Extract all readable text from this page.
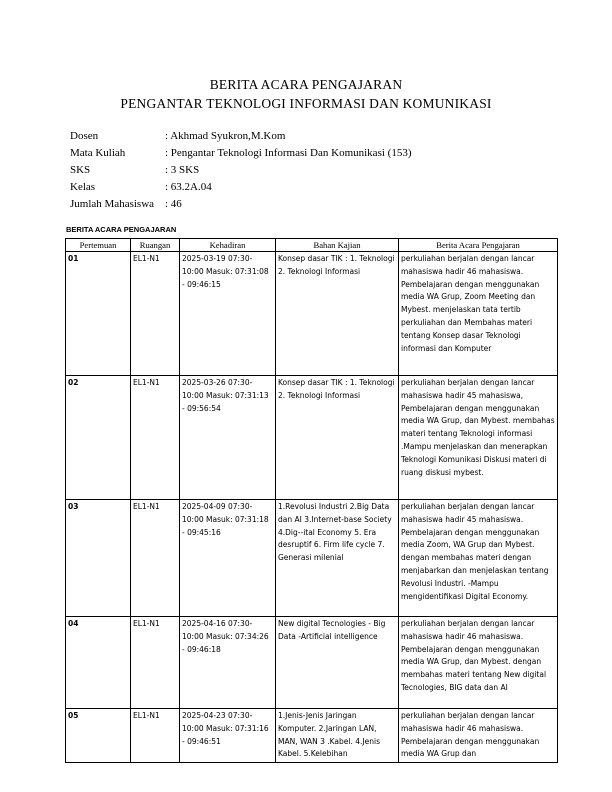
BERITA ACARA PENGAJARAN
PENGANTAR TEKNOLOGI INFORMASI DAN KOMUNIKASI
Dosen	: Akhmad Syukron,M.Kom
Mata Kuliah	: Pengantar Teknologi Informasi Dan Komunikasi (153)
SKS	: 3 SKS
Kelas	: 63.2A.04
Jumlah Mahasiswa : 46
BERITA ACARA PENGAJARAN
Pertemuan	Ruangan	Kehadiran	Bahan Kajian	Berita Acara Pengajaran
01	EL1-N1	2025-03-19 07:30-10:00 Masuk: 07:31:08 - 09:46:15	Konsep dasar TIK : 1. Teknologi 2. Teknologi Informasi	perkuliahan berjalan dengan lancar mahasiswa hadir 46 mahasiswa. Pembelajaran dengan menggunakan media WA Grup, Zoom Meeting dan Mybest. menjelaskan tata tertib perkuliahan dan Membahas materi tentang Konsep dasar Teknologi informasi dan Komputer
02	EL1-N1	2025-03-26 07:30-10:00 Masuk: 07:31:13 - 09:56:54	Konsep dasar TIK : 1. Teknologi 2. Teknologi Informasi	perkuliahan berjalan dengan lancar mahasiswa hadir 45 mahasiswa, Pembelajaran dengan menggunakan media WA Grup, dan Mybest. membahas materi tentang Teknologi informasi .Mampu menjelaskan dan menerapkan Teknologi Komunikasi Diskusi materi di ruang diskusi mybest.
03	EL1-N1	2025-04-09 07:30-10:00 Masuk: 07:31:18 - 09:45:16	1.Revolusi Industri 2.Big Data dan AI 3.Internet-base Society 4.Dig--ital Economy 5. Era desruptif 6. Firm life cycle 7. Generasi milenial	perkuliahan berjalan dengan lancar mahasiswa hadir 45 mahasiswa. Pembelajaran dengan menggunakan media Zoom, WA Grup dan Mybest. dengan membahas materi dengan menjabarkan dan menjelaskan tentang Revolusi Industri. -Mampu mengidentifikasi Digital Economy.
04	EL1-N1	2025-04-16 07:30-10:00 Masuk: 07:34:26 - 09:46:18	New digital Tecnologies - Big Data -Artificial intelligence	perkuliahan berjalan dengan lancar mahasiswa hadir 46 mahasiswa. Pembelajaran dengan menggunakan media WA Grup, dan Mybest. dengan membahas materi tentang New digital Tecnologies, BIG data dan AI
05	EL1-N1	2025-04-23 07:30-10:00 Masuk: 07:31:16 - 09:46:51	1.Jenis-Jenis Jaringan Komputer. 2.Jaringan LAN, MAN, WAN 3 .Kabel. 4.Jenis Kabel. 5.Kelebihan	perkuliahan berjalan dengan lancar mahasiswa hadir 46 mahasiswa. Pembelajaran dengan menggunakan media WA Grup dan
